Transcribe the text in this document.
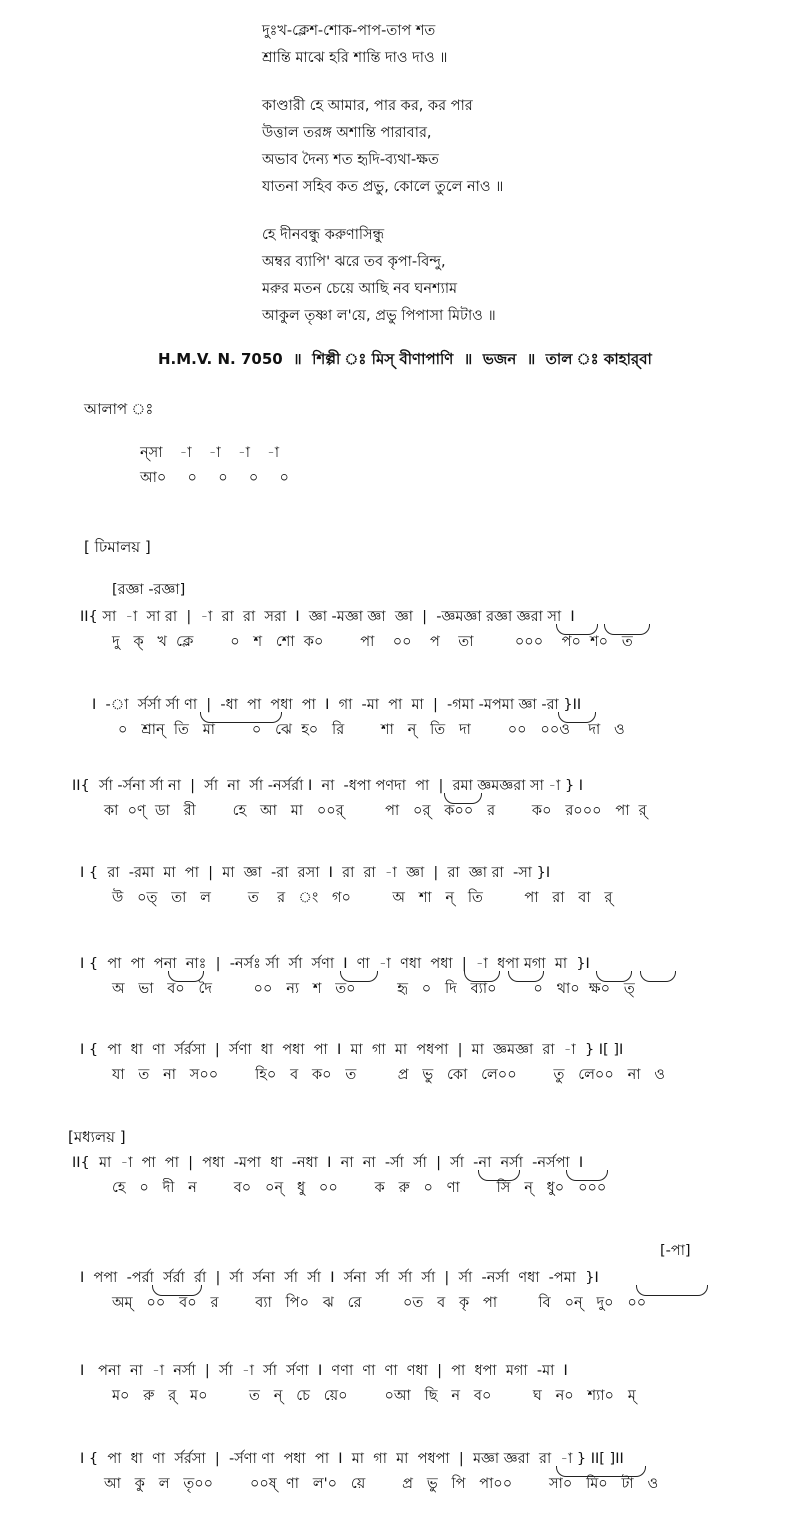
দুঃখ-ক্লেশ-শোক-পাপ-তাপ শত
শ্রান্তি মাঝে হরি শান্তি দাও দাও ॥
কাণ্ডারী হে আমার, পার কর, কর পার
উত্তাল তরঙ্গ অশান্তি পারাবার,
অভাব দৈন্য শত হৃদি-ব্যথা-ক্ষত
যাতনা সহিব কত প্রভু, কোলে তুলে নাও ॥
হে দীনবন্ধু করুণাসিন্ধু
অম্বর ব্যাপি' ঝরে তব কৃপা-বিন্দু,
মরুর মতন চেয়ে আছি নব ঘনশ্যাম
আকুল তৃষ্ণা ল'য়ে, প্রভু পিপাসা মিটাও ॥
H.M.V. N. 7050  ॥  শিল্পী ঃ মিস্ বীণাপাণি  ॥  ভজন  ॥  তাল ঃ কাহার্‌বা
আলাপ ঃ
ন্‌সা  -া  -া  -া  -া
আ০  ০  ০  ০  ০
[ ঢিমালয় ]
[রজ্ঞা -রজ্ঞা]
II{ সা  -া  সা রা  |  -া  রা  রা  সরা  I  জ্ঞা -মজ্ঞা জ্ঞা  জ্ঞা  |  -জ্ঞমজ্ঞা রজ্ঞা জ্ঞরা সা  I
দু   ক্   খ  ক্লে        ০   শ   শো  ক০        পা    ০০    প    তা         ০০০    প০  শ০   ত
I  -া  র্সর্সা র্সা ণা  |  -ধা  পা  পধা  পা  I  গা  -মা  পা  মা  |  -গমা -মপমা জ্ঞা -রা }II
০   শ্রান্  তি   মা        ০   ঝে  হ০   রি        শা   ন্   তি   দা        ০০   ০০ও    দা   ও
II{  র্সা -র্সনা র্সা না  |  র্সা  না  র্সা -নর্সর্রা I  না  -ধপা পণদা  পা  |  রমা জ্ঞমজ্ঞরা সা -া } I
কা  ০ণ্  ডা   রী        হে   আ   মা   ০০র্         পা   ০র্   ক০০   র        ক০   র০০০   পা  র্
I {  রা  -রমা  মা  পা  |  মা  জ্ঞা  -রা  রসা  I  রা  রা  -া  জ্ঞা  |  রা  জ্ঞা রা  -সা }I
উ   ০ত্   তা   ল        ত    র   ং   গ০         অ   শা   ন্   তি         পা   রা   বা   র্
I {  পা  পা  পনা  নাঃ  |  -নর্সঃ র্সা  র্সা  র্সণা  I  ণা  -া  ণধা  পধা  |  -া  ধপা মগা  মা  }I
অ   ভা   ব০   দৈ         ০০   ন্য   শ   ত০         হৃ   ০   দি   ব্যা০        ০   থা০  ক্ষ০   ত্
I {  পা  ধা  ণা  র্সর্রসা  |  র্সণা  ধা  পধা  পা  I  মা  গা  মা  পধপা  |  মা  জ্ঞমজ্ঞা  রা  -া  } I[ ]I
যা   ত   না   স০০        হি০   ব   ক০   ত         প্র   ভু   কো   লে০০        তু   লে০০   না   ও
[মধ্যলয় ]
II{  মা  -া  পা  পা  |  পধা  -মপা  ধা  -নধা  I  না  না  -র্সা  র্সা  |  র্সা  -না  নর্সা  -নর্সপা  I
হে   ০   দী   ন        ব০   ০ন্   ধু   ০০        ক   রু   ০   ণা        সি   ন্   ধু০   ০০০
[-পা]
I  পপা  -পর্রা  র্সর্রা  র্রা  |  র্সা  র্সনা  র্সা  র্সা  I  র্সনা  র্সা  র্সা  র্সা  |  র্সা  -নর্সা  ণধা  -পমা  }I
অম্   ০০   ব০   র        ব্যা   পি০   ঝ   রে         ০ত   ব   কৃ   পা         বি   ০ন্   দু০   ০০
I   পনা  না  -া  নর্সা  |  র্সা  -া  র্সা  র্সণা  I  ণণা  ণা  ণা  ণধা  |  পা  ধপা  মগা  -মা  I
ম০   রু   র্   ম০         ত   ন্   চে   য়ে০        ০আ   ছি   ন   ব০         ঘ   ন০   শ্যা০   ম্
I {  পা  ধা  ণা  র্সর্রসা  |  -র্সণা ণা  পধা  পা  I  মা  গা  মা  পধপা  |  মজ্ঞা জ্ঞরা  রা  -া } II[ ]II
আ   কু   ল   তৃ০০        ০০ষ্  ণা   ল'০   য়ে        প্র   ভু   পি   পা০০        সা০   মি০   টা   ও
